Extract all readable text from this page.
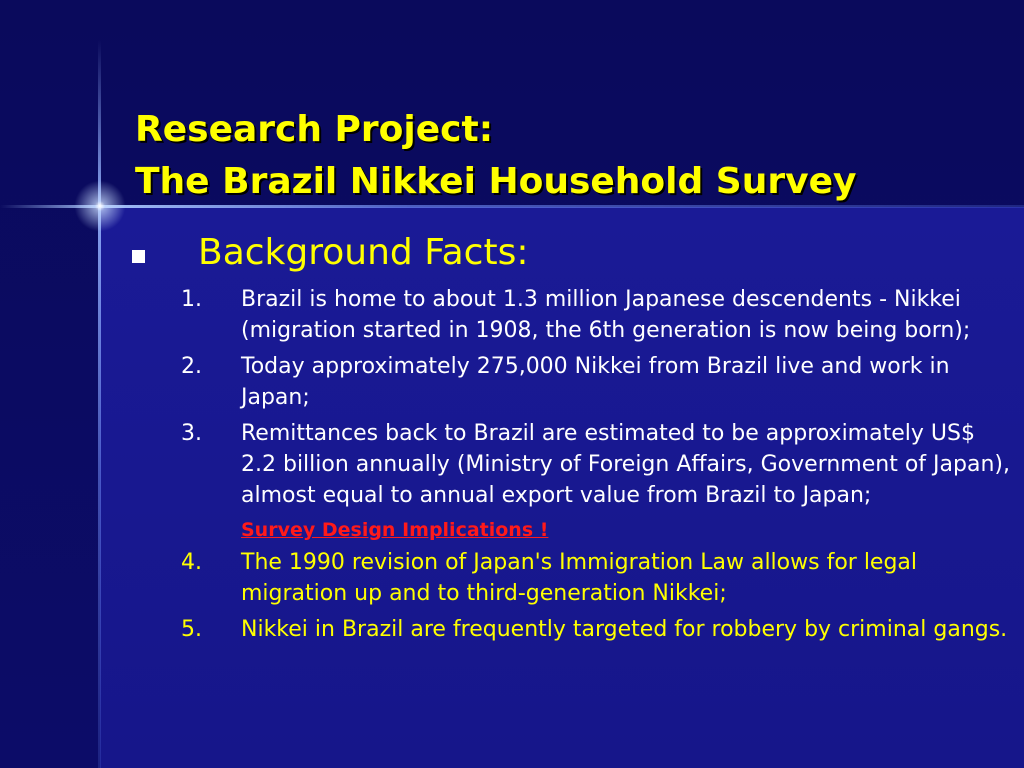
Research Project:
The Brazil Nikkei Household Survey
Background Facts:
1.	Brazil is home to about 1.3 million Japanese descendents - Nikkei (migration started in 1908, the 6th generation is now being born);
2.	Today approximately 275,000 Nikkei from Brazil live and work in Japan;
3.	Remittances back to Brazil are estimated to be approximately US$ 2.2 billion annually (Ministry of Foreign Affairs, Government of Japan), almost equal to annual export value from Brazil to Japan;
Survey Design Implications !
4.	The 1990 revision of Japan's Immigration Law allows for legal migration up and to third-generation Nikkei;
5.	Nikkei in Brazil are frequently targeted for robbery by criminal gangs.
